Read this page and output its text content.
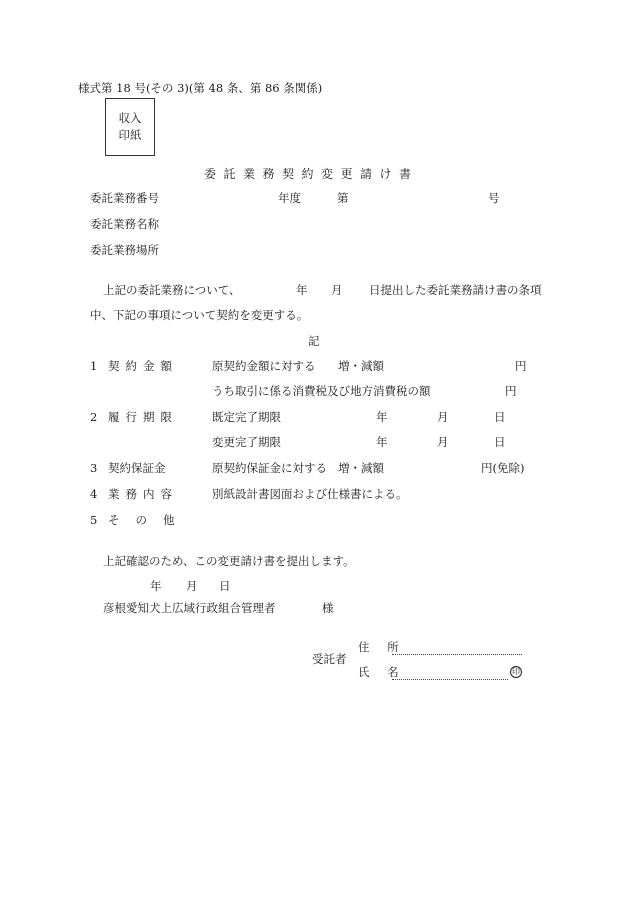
様式第 18 号(その 3)(第 48 条、第 86 条関係)
収入
印紙
委託業務契約変更請け書
委託業務番号	年度	第	号
委託業務名称
委託業務場所
上記の委託業務について、	年 月 日提出した委託業務請け書の条項
中、下記の事項について契約を変更する。
記
1 契約金額	原契約金額に対する 増・減額	円
うち取引に係る消費税及び地方消費税の額	円
2 履行期限	既定完了期限	年	月	日
変更完了期限	年	月	日
3 契約保証金	原契約保証金に対する 増・減額	円(免除)
4 業務内容	別紙設計書図面および仕様書による。
5 その他
上記確認のため、この変更請け書を提出します。
年 月 日
彦根愛知犬上広域行政組合管理者	様
受託者
住 所
氏 名	印
